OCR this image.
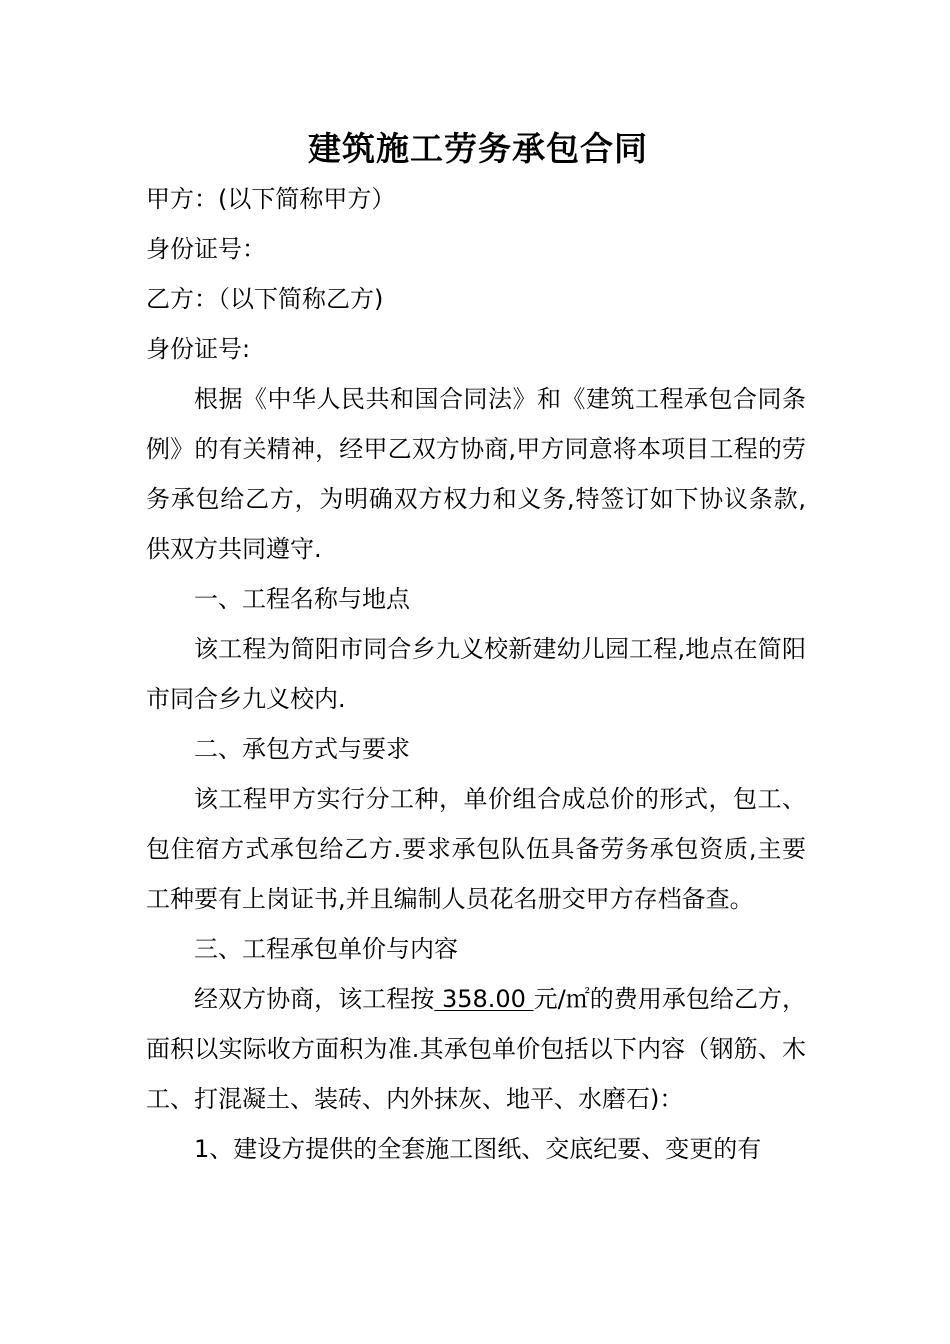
建筑施工劳务承包合同

甲方：(以下简称甲方）

身份证号：

乙方：（以下简称乙方)

身份证号:

根据《中华人民共和国合同法》和《建筑工程承包合同条例》的有关精神，经甲乙双方协商,甲方同意将本项目工程的劳务承包给乙方，为明确双方权力和义务,特签订如下协议条款,供双方共同遵守.

一、工程名称与地点

该工程为简阳市同合乡九义校新建幼儿园工程,地点在简阳市同合乡九义校内.

二、承包方式与要求

该工程甲方实行分工种，单价组合成总价的形式，包工、包住宿方式承包给乙方.要求承包队伍具备劳务承包资质,主要工种要有上岗证书,并且编制人员花名册交甲方存档备查。

三、工程承包单价与内容

经双方协商，该工程按 358.00 元/㎡的费用承包给乙方，面积以实际收方面积为准.其承包单价包括以下内容（钢筋、木工、打混凝土、装砖、内外抹灰、地平、水磨石)：

1、建设方提供的全套施工图纸、交底纪要、变更的有
